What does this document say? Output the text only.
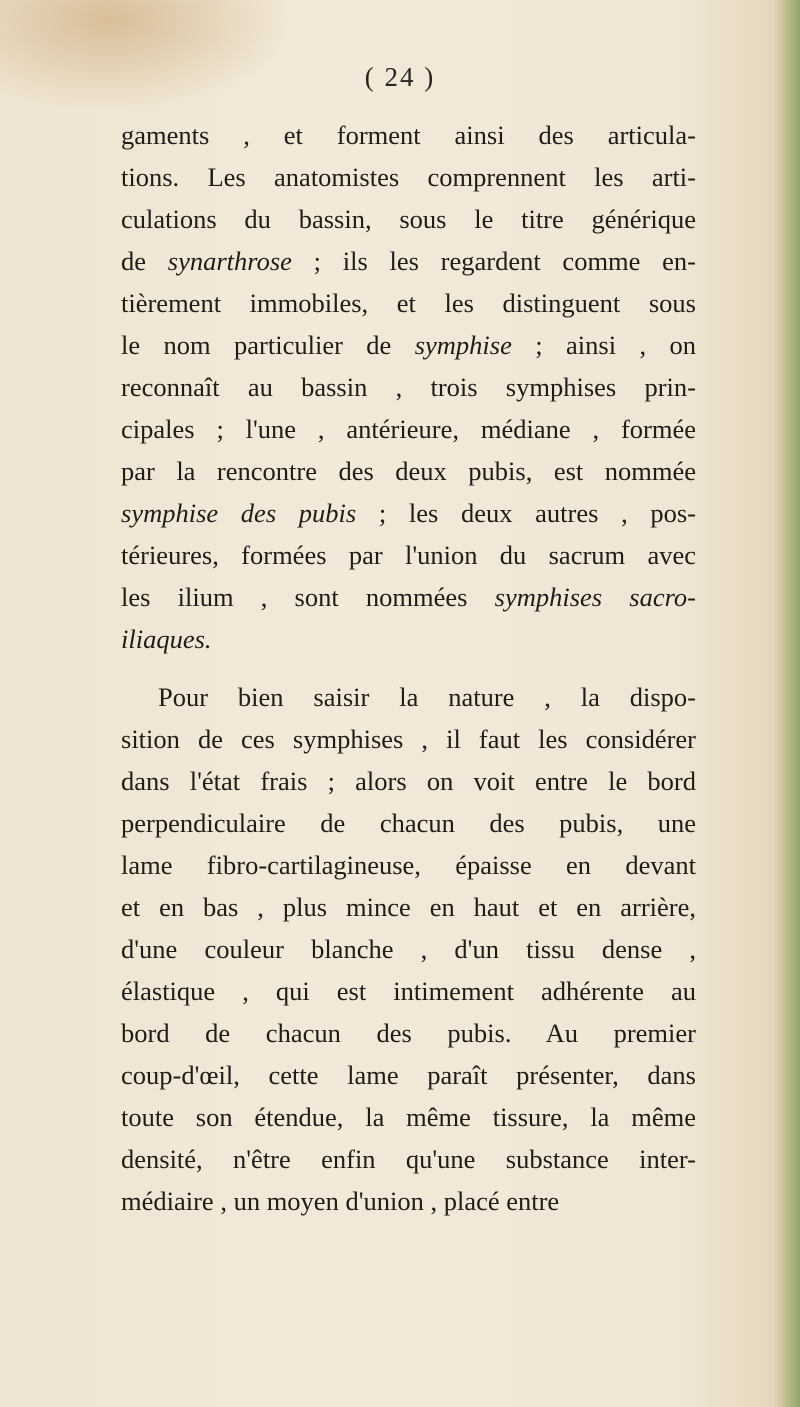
( 24 )
gaments , et forment ainsi des articula-
tions. Les anatomistes comprennent les arti-
culations du bassin, sous le titre générique
de synarthrose ; ils les regardent comme en-
tièrement immobiles, et les distinguent sous
le nom particulier de symphise ; ainsi , on
reconnaît au bassin , trois symphises prin-
cipales ; l'une , antérieure, médiane , formée
par la rencontre des deux pubis, est nommée
symphise des pubis ; les deux autres , pos-
térieures, formées par l'union du sacrum avec
les ilium , sont nommées symphises sacro-
iliaques.
Pour bien saisir la nature , la dispo-
sition de ces symphises , il faut les considérer
dans l'état frais ; alors on voit entre le bord
perpendiculaire de chacun des pubis, une
lame fibro-cartilagineuse, épaisse en devant
et en bas , plus mince en haut et en arrière,
d'une couleur blanche , d'un tissu dense ,
élastique , qui est intimement adhérente au
bord de chacun des pubis. Au premier
coup-d'œil, cette lame paraît présenter, dans
toute son étendue, la même tissure, la même
densité, n'être enfin qu'une substance inter-
médiaire , un moyen d'union , placé entre
